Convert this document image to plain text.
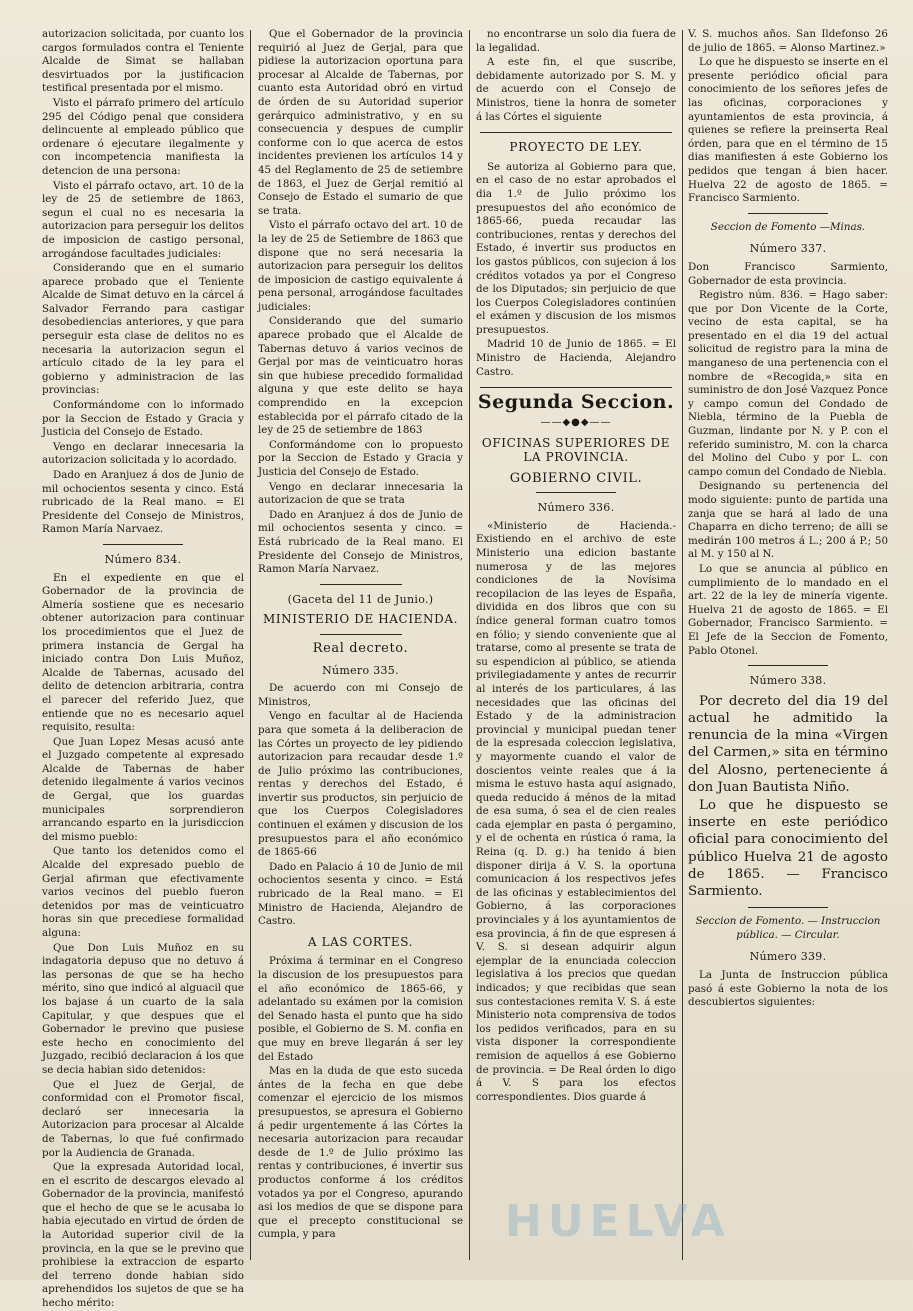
autorizacion solicitada, por cuanto los cargos formulados contra el Teniente Alcalde de Simat se hallaban desvirtuados por la justificacion testifical presentada por el mismo.

Visto el párrafo primero del artículo 295 del Código penal que considera delincuente al empleado público que ordenare ó ejecutare ilegalmente y con incompetencia manifiesta la detencion de una persona:

Visto el párrafo octavo, art. 10 de la ley de 25 de setiembre de 1863, segun el cual no es necesaria la autorizacion para perseguir los delitos de imposicion de castigo personal, arrogándose facultades judiciales:

Considerando que en el sumario aparece probado que el Teniente Alcalde de Simat detuvo en la cárcel á Salvador Ferrando para castigar desobediencias anteriores, y que para perseguir esta clase de delitos no es necesaria la autorizacion segun el artículo citado de la ley para el gobierno y administracion de las provincias:

Conformándome con lo informado por la Seccion de Estado y Gracia y Justicia del Consejo de Estado.

Vengo en declarar innecesaria la autorizacion solicitada y lo acordado.

Dado en Aranjuez á dos de Junio de mil ochocientos sesenta y cinco. Está rubricado de la Real mano. = El Presidente del Consejo de Ministros, Ramon María Narvaez.

Número 834.

En el expediente en que el Gobernador de la provincia de Almería sostiene que es necesario obtener autorizacion para continuar los procedimientos que el Juez de primera instancia de Gergal ha iniciado contra Don Luis Muñoz, Alcalde de Tabernas, acusado del delito de detencion arbitraria, contra el parecer del referido Juez, que entiende que no es necesario aquel requisito, resulta:

Que Juan Lopez Mesas acusó ante el Juzgado competente al expresado Alcalde de Tabernas de haber detenido ilegalmente á varios vecinos de Gergal, que los guardas municipales sorprendieron arrancando esparto en la jurisdiccion del mismo pueblo:

Que tanto los detenidos como el Alcalde del expresado pueblo de Gerjal afirman que efectivamente varios vecinos del pueblo fueron detenidos por mas de veinticuatro horas sin que precediese formalidad alguna:

Que Don Luis Muñoz en su indagatoria depuso que no detuvo á las personas de que se ha hecho mérito, sino que indicó al alguacil que los bajase á un cuarto de la sala Capitular, y que despues que el Gobernador le previno que pusiese este hecho en conocimiento del Juzgado, recibió declaracion á los que se decia habian sido detenidos:

Que el Juez de Gerjal, de conformidad con el Promotor fiscal, declaró ser innecesaria la Autorizacion para procesar al Alcalde de Tabernas, lo que fué confirmado por la Audiencia de Granada.

Que la expresada Autoridad local, en el escrito de descargos elevado al Gobernador de la provincia, manifestó que el hecho de que se le acusaba lo habia ejecutado en virtud de órden de la Autoridad superior civil de la provincia, en la que se le previno que prohibiese la extraccion de esparto del terreno donde habian sido aprehendidos los sujetos de que se ha hecho mérito:

Que el Gobernador de la provincia requirió al Juez de Gerjal, para que pidiese la autorizacion oportuna para procesar al Alcalde de Tabernas, por cuanto esta Autoridad obró en virtud de órden de su Autoridad superior gerárquico administrativo, y en su consecuencia y despues de cumplir conforme con lo que acerca de estos incidentes previenen los artículos 14 y 45 del Reglamento de 25 de setiembre de 1863, el Juez de Gerjal remitió al Consejo de Estado el sumario de que se trata.

Visto el párrafo octavo del art. 10 de la ley de 25 de Setiembre de 1863 que dispone que no será necesaria la autorizacion para perseguir los delitos de imposicion de castigo equivalente á pena personal, arrogándose facultades judiciales:

Considerando que del sumario aparece probado que el Alcalde de Tabernas detuvo á varios vecinos de Gerjal por mas de veinticuatro horas sin que hubiese precedido formalidad alguna y que este delito se haya comprendido en la excepcion establecida por el párrafo citado de la ley de 25 de setiembre de 1863

Conformándome con lo propuesto por la Seccion de Estado y Gracia y Justicia del Consejo de Estado.

Vengo en declarar innecesaria la autorizacion de que se trata

Dado en Aranjuez á dos de Junio de mil ochocientos sesenta y cinco. = Está rubricado de la Real mano. El Presidente del Consejo de Ministros, Ramon María Narvaez.

(Gaceta del 11 de Junio.)
MINISTERIO DE HACIENDA.
Real decreto.
Número 335.

De acuerdo con mi Consejo de Ministros,

Vengo en facultar al de Hacienda para que someta á la deliberacion de las Córtes un proyecto de ley pidiendo autorizacion para recaudar desde 1.º de Julio próximo las contribuciones, rentas y derechos del Estado, é invertir sus productos, sin perjuicio de que los Cuerpos Colegisladores continuen el exámen y discusion de los presupuestos para el año económico de 1865-66

Dado en Palacio á 10 de Junio de mil ochocientos sesenta y cinco. = Está rubricado de la Real mano. = El Ministro de Hacienda, Alejandro de Castro.

A LAS CORTES.

Próxima á terminar en el Congreso la discusion de los presupuestos para el año económico de 1865-66, y adelantado su exámen por la comision del Senado hasta el punto que ha sido posible, el Gobierno de S. M. confia en que muy en breve llegarán á ser ley del Estado

Mas en la duda de que esto suceda ántes de la fecha en que debe comenzar el ejercicio de los mismos presupuestos, se apresura el Gobierno á pedir urgentemente á las Córtes la necesaria autorizacion para recaudar desde de 1.º de Julio próximo las rentas y contribuciones, é invertir sus productos conforme á los créditos votados ya por el Congreso, apurando asi los medios de que se dispone para que el precepto constitucional se cumpla, y para

no encontrarse un solo dia fuera de la legalidad.

A este fin, el que suscribe, debidamente autorizado por S. M. y de acuerdo con el Consejo de Ministros, tiene la honra de someter á las Córtes el siguiente

PROYECTO DE LEY.

Se autoriza al Gobierno para que, en el caso de no estar aprobados el dia 1.º de Julio próximo los presupuestos del año económico de 1865-66, pueda recaudar las contribuciones, rentas y derechos del Estado, é invertir sus productos en los gastos públicos, con sujecion á los créditos votados ya por el Congreso de los Diputados; sin perjuicio de que los Cuerpos Colegisladores continúen el exámen y discusion de los mismos presupuestos.

Madrid 10 de Junio de 1865. = El Ministro de Hacienda, Alejandro Castro.

Segunda Seccion.
——◆●◆——
OFICINAS SUPERIORES DE LA PROVINCIA.
GOBIERNO CIVIL.
Número 336.

«Ministerio de Hacienda.-Existiendo en el archivo de este Ministerio una edicion bastante numerosa y de las mejores condiciones de la Novísima recopilacion de las leyes de España, dividida en dos libros que con su índice general forman cuatro tomos en fólio; y siendo conveniente que al tratarse, como al presente se trata de su espendicion al público, se atienda privilegiadamente y antes de recurrir al interés de los particulares, á las necesidades que las oficinas del Estado y de la administracion provincial y municipal puedan tener de la espresada coleccion legislativa, y mayormente cuando el valor de doscientos veinte reales que á la misma le estuvo hasta aquí asignado, queda reducido á ménos de la mitad de esa suma, ó sea el de cien reales cada ejemplar en pasta ó pergamino, y el de ochenta en rústica ó rama, la Reina (q. D. g.) ha tenido á bien disponer dirija á V. S. la oportuna comunicacion á los respectivos jefes de las oficinas y establecimientos del Gobierno, á las corporaciones provinciales y á los ayuntamientos de esa provincia, á fin de que espresen á V. S. si desean adquirir algun ejemplar de la enunciada coleccion legislativa á los precios que quedan indicados; y que recibidas que sean sus contestaciones remita V. S. á este Ministerio nota comprensiva de todos los pedidos verificados, para en su vista disponer la correspondiente remision de aquellos á ese Gobierno de provincia. = De Real órden lo digo á V. S para los efectos correspondientes. Dios guarde á

V. S. muchos años. San Ildefonso 26 de julio de 1865. = Alonso Martinez.»

Lo que he dispuesto se inserte en el presente periódico oficial para conocimiento de los señores jefes de las oficinas, corporaciones y ayuntamientos de esta provincia, á quienes se refiere la preinserta Real órden, para que en el término de 15 dias manifiesten á este Gobierno los pedidos que tengan á bien hacer. Huelva 22 de agosto de 1865. = Francisco Sarmiento.

Seccion de Fomento —Minas.
Número 337.

Don Francisco Sarmiento, Gobernador de esta provincia.

Registro núm. 836. = Hago saber: que por Don Vicente de la Corte, vecino de esta capital, se ha presentado en el dia 19 del actual solicitud de registro para la mina de manganeso de una pertenencia con el nombre de «Recogida,» sita en suministro de don José Vazquez Ponce y campo comun del Condado de Niebla, término de la Puebla de Guzman, lindante por N. y P. con el referido suministro, M. con la charca del Molino del Cubo y por L. con campo comun del Condado de Niebla.

Designando su pertenencia del modo siguiente: punto de partida una zanja que se hará al lado de una Chaparra en dicho terreno; de alli se medirán 100 metros á L.; 200 á P.; 50 al M. y 150 al N.

Lo que se anuncia al público en cumplimiento de lo mandado en el art. 22 de la ley de minería vigente. Huelva 21 de agosto de 1865. = El Gobernador, Francisco Sarmiento. = El Jefe de la Seccion de Fomento, Pablo Otonel.

Número 338.

Por decreto del dia 19 del actual he admitido la renuncia de la mina «Virgen del Carmen,» sita en término del Alosno, perteneciente á don Juan Bautista Niño.

Lo que he dispuesto se inserte en este periódico oficial para conocimiento del público Huelva 21 de agosto de 1865. — Francisco Sarmiento.

Seccion de Fomento. — Instruccion pública. — Circular.
Número 339.

La Junta de Instruccion pública pasó á este Gobierno la nota de los descubiertos siguientes:

HUELVA
